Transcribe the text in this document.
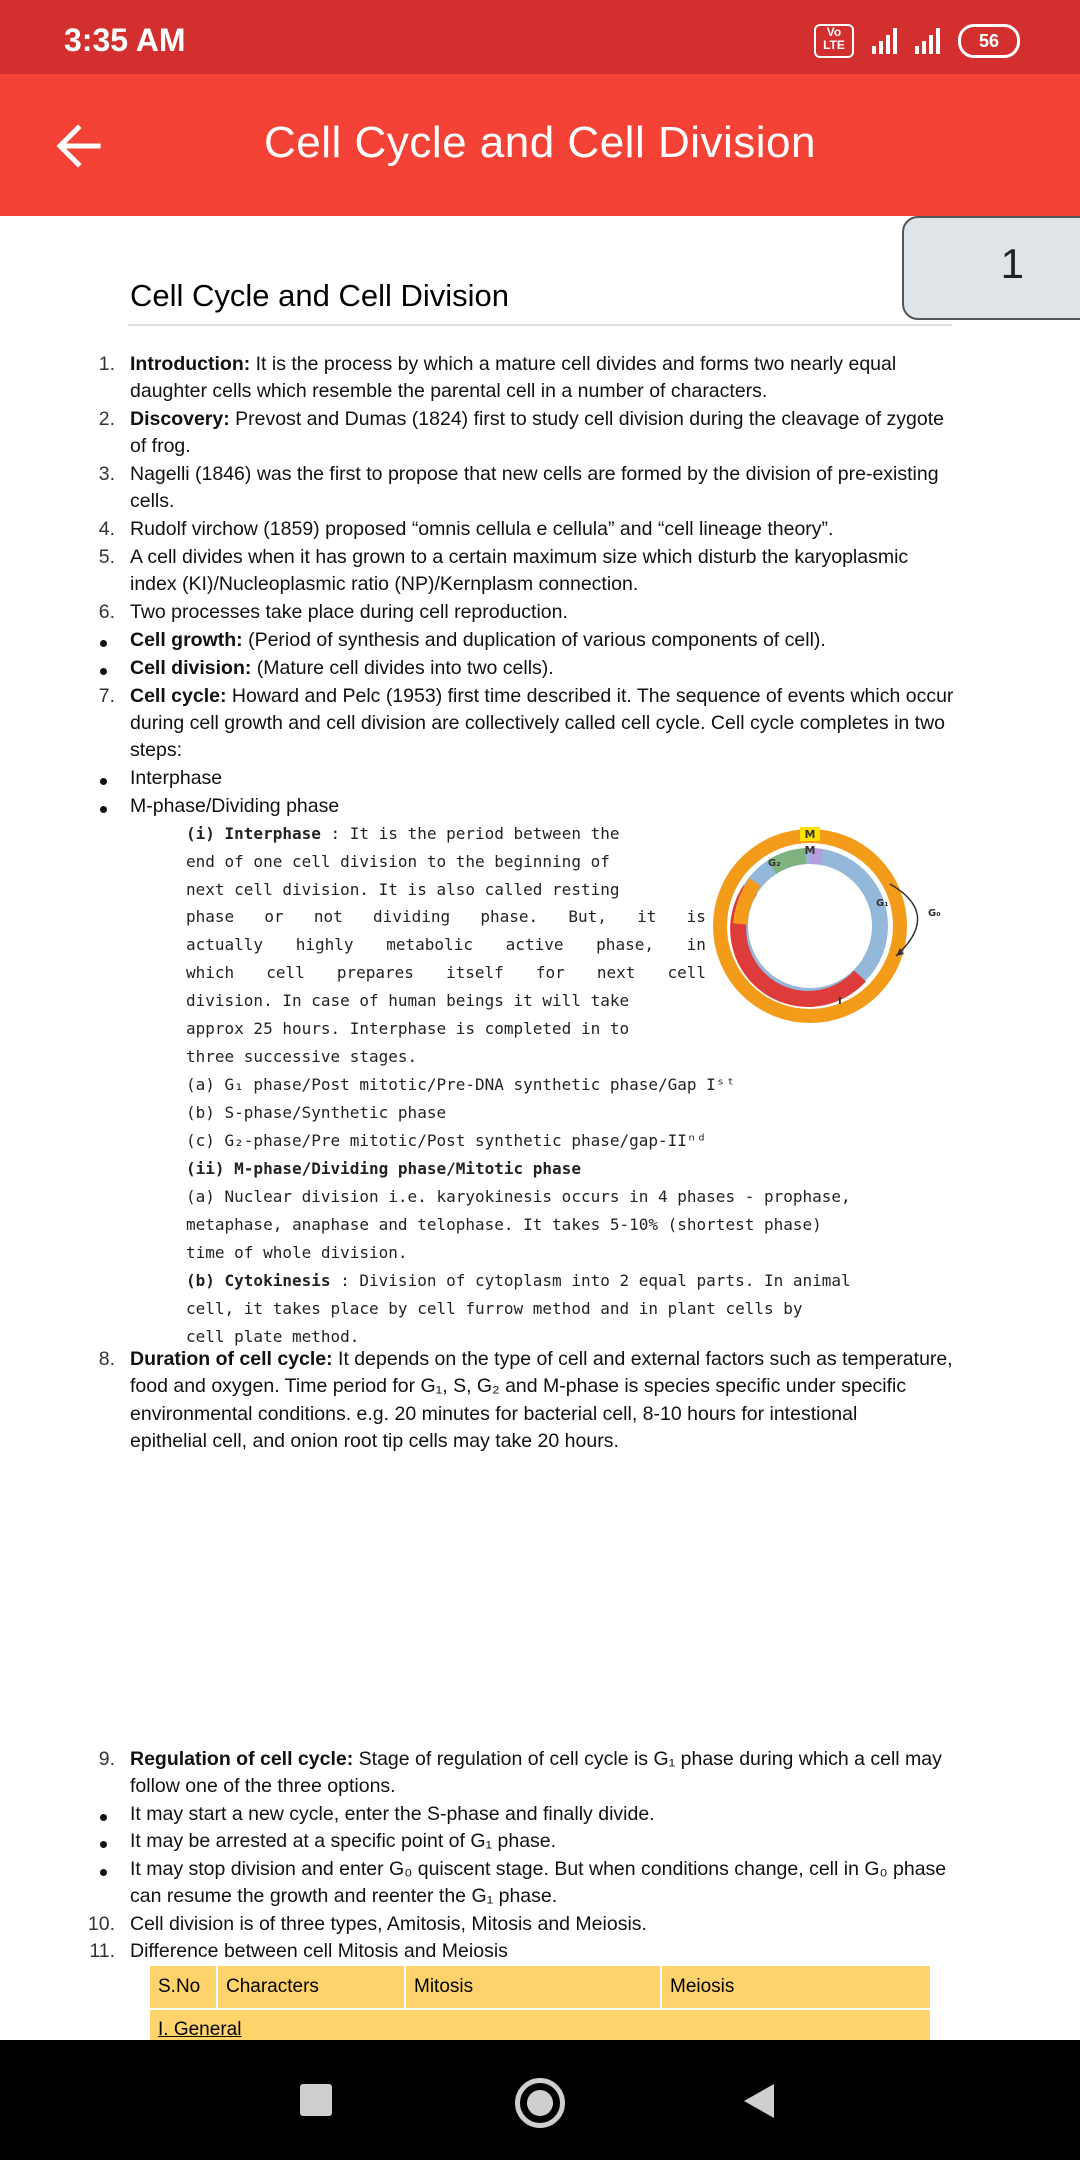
3:35 AM	Vo
LTE	56
Cell Cycle and Cell Division
1
Cell Cycle and Cell Division
1. Introduction: It is the process by which a mature cell divides and forms two nearly equal
daughter cells which resemble the parental cell in a number of characters.
2. Discovery: Prevost and Dumas (1824) first to study cell division during the cleavage of zygote
of frog.
3. Nagelli (1846) was the first to propose that new cells are formed by the division of pre-existing
cells.
4. Rudolf virchow (1859) proposed “omnis cellula e cellula” and “cell lineage theory”.
5. A cell divides when it has grown to a certain maximum size which disturb the karyoplasmic
index (KI)/Nucleoplasmic ratio (NP)/Kernplasm connection.
6. Two processes take place during cell reproduction.
Cell growth: (Period of synthesis and duplication of various components of cell).
Cell division: (Mature cell divides into two cells).
7. Cell cycle: Howard and Pelc (1953) first time described it. The sequence of events which occur
during cell growth and cell division are collectively called cell cycle. Cell cycle completes in two
steps:
Interphase
M-phase/Dividing phase
(i) Interphase : It is the period between the
end of one cell division to the beginning of
next cell division. It is also called resting
phase or not dividing phase. But, it is
actually highly metabolic active phase, in
which cell prepares itself for next cell
division. In case of human beings it will take
approx 25 hours. Interphase is completed in to
three successive stages.
(a) G₁ phase/Post mitotic/Pre-DNA synthetic phase/Gap Iˢᵗ
(b) S-phase/Synthetic phase
(c) G₂-phase/Pre mitotic/Post synthetic phase/gap-IIⁿᵈ
(ii) M-phase/Dividing phase/Mitotic phase
(a) Nuclear division i.e. karyokinesis occurs in 4 phases - prophase,
metaphase, anaphase and telophase. It takes 5-10% (shortest phase)
time of whole division.
(b) Cytokinesis : Division of cytoplasm into 2 equal parts. In animal
cell, it takes place by cell furrow method and in plant cells by
cell plate method.
M
M
G₂
G₁
G₀
S
I
8. Duration of cell cycle: It depends on the type of cell and external factors such as temperature,
food and oxygen. Time period for G₁, S, G₂ and M-phase is species specific under specific
environmental conditions. e.g. 20 minutes for bacterial cell, 8-10 hours for intestional
epithelial cell, and onion root tip cells may take 20 hours.
9. Regulation of cell cycle: Stage of regulation of cell cycle is G₁ phase during which a cell may
follow one of the three options.
It may start a new cycle, enter the S-phase and finally divide.
It may be arrested at a specific point of G₁ phase.
It may stop division and enter G₀ quiscent stage. But when conditions change, cell in G₀ phase
can resume the growth and reenter the G₁ phase.
10. Cell division is of three types, Amitosis, Mitosis and Meiosis.
11. Difference between cell Mitosis and Meiosis
S.No	Characters	Mitosis	Meiosis
I. General
